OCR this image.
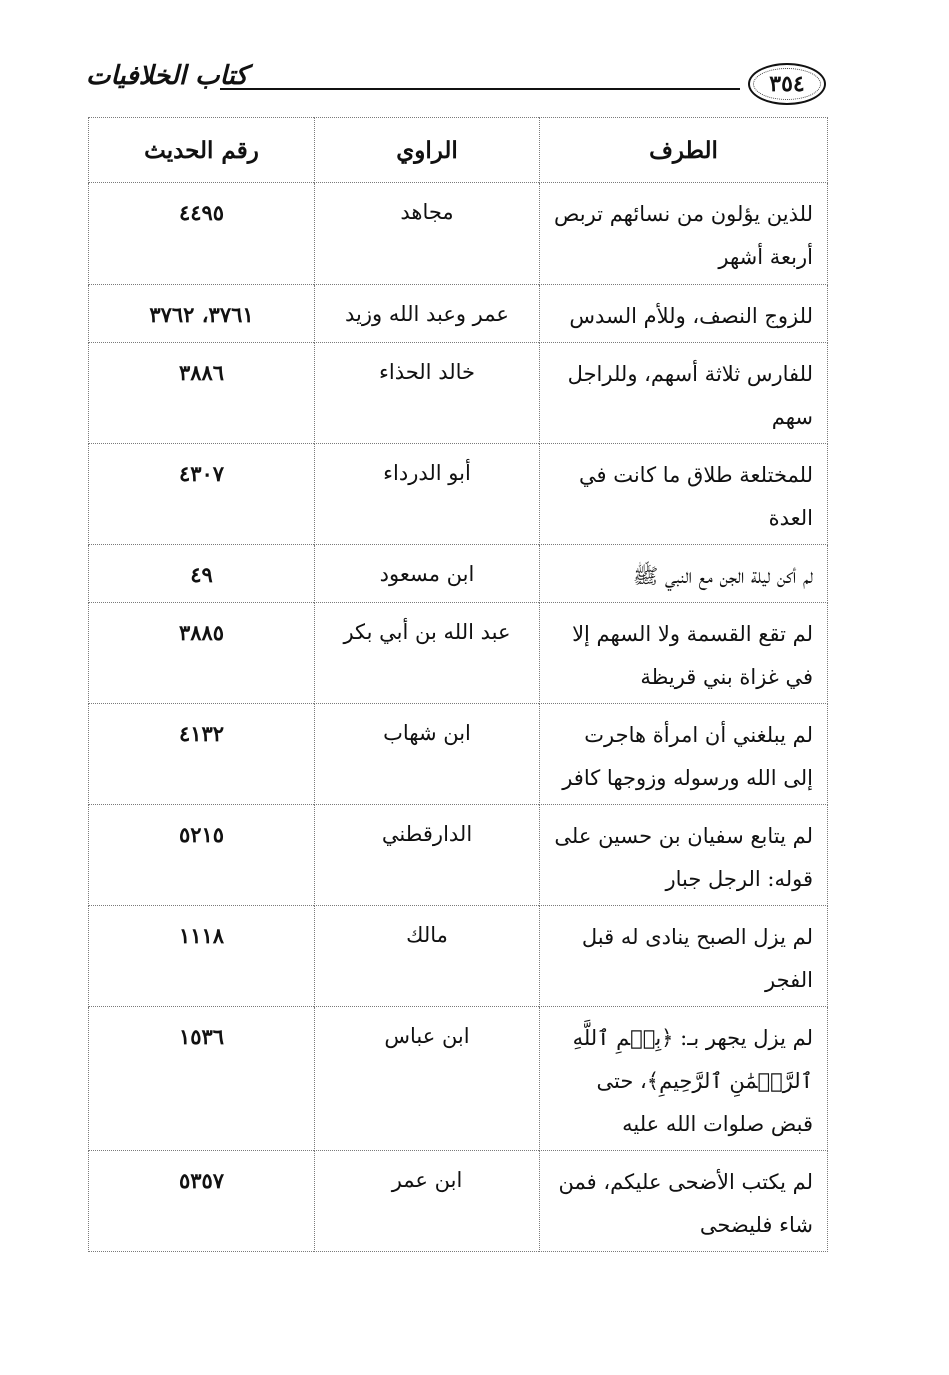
كتاب الخلافيات	٣٥٤
الطرف	الراوي	رقم الحديث
للذين يؤلون من نسائهم تربص أربعة أشهر	مجاهد	٤٤٩٥
للزوج النصف، وللأم السدس	عمر وعبد الله وزيد	٣٧٦١، ٣٧٦٢
للفارس ثلاثة أسهم، وللراجل سهم	خالد الحذاء	٣٨٨٦
للمختلعة طلاق ما كانت في العدة	أبو الدرداء	٤٣٠٧
لم أكن ليلة الجن مع النبي ﷺ	ابن مسعود	٤٩
لم تقع القسمة ولا السهم إلا في غزاة بني قريظة	عبد الله بن أبي بكر	٣٨٨٥
لم يبلغني أن امرأة هاجرت إلى الله ورسوله وزوجها كافر	ابن شهاب	٤١٣٢
لم يتابع سفيان بن حسين على قوله: الرجل جبار	الدارقطني	٥٢١٥
لم يزل الصبح ينادى له قبل الفجر	مالك	١١١٨
لم يزل يجهر بـ: ﴿بِسۡمِ ٱللَّهِ ٱلرَّحۡمَٰنِ ٱلرَّحِيمِ﴾، حتى قبض صلوات الله عليه	ابن عباس	١٥٣٦
لم يكتب الأضحى عليكم، فمن شاء فليضحى	ابن عمر	٥٣٥٧
